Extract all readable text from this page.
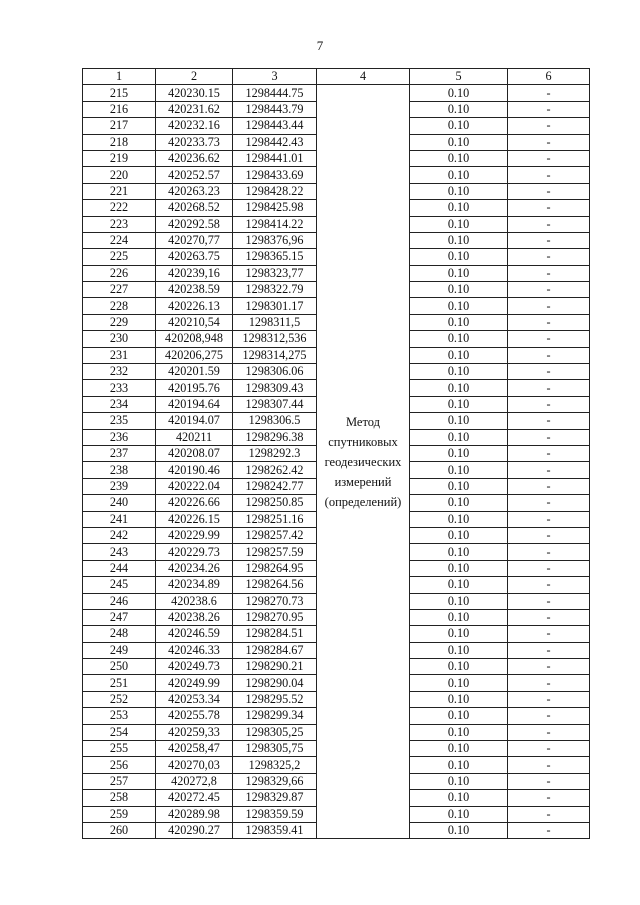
7
1	2	3	4	5	6
215	420230.15	1298444.75	Метод спутниковых геодезических измерений (определений)	0.10	-
216	420231.62	1298443.79		0.10	-
217	420232.16	1298443.44		0.10	-
218	420233.73	1298442.43		0.10	-
219	420236.62	1298441.01		0.10	-
220	420252.57	1298433.69		0.10	-
221	420263.23	1298428.22		0.10	-
222	420268.52	1298425.98		0.10	-
223	420292.58	1298414.22		0.10	-
224	420270,77	1298376,96		0.10	-
225	420263.75	1298365.15		0.10	-
226	420239,16	1298323,77		0.10	-
227	420238.59	1298322.79		0.10	-
228	420226.13	1298301.17		0.10	-
229	420210,54	1298311,5		0.10	-
230	420208,948	1298312,536		0.10	-
231	420206,275	1298314,275		0.10	-
232	420201.59	1298306.06		0.10	-
233	420195.76	1298309.43		0.10	-
234	420194.64	1298307.44		0.10	-
235	420194.07	1298306.5		0.10	-
236	420211	1298296.38		0.10	-
237	420208.07	1298292.3		0.10	-
238	420190.46	1298262.42		0.10	-
239	420222.04	1298242.77		0.10	-
240	420226.66	1298250.85		0.10	-
241	420226.15	1298251.16		0.10	-
242	420229.99	1298257.42		0.10	-
243	420229.73	1298257.59		0.10	-
244	420234.26	1298264.95		0.10	-
245	420234.89	1298264.56		0.10	-
246	420238.6	1298270.73		0.10	-
247	420238.26	1298270.95		0.10	-
248	420246.59	1298284.51		0.10	-
249	420246.33	1298284.67		0.10	-
250	420249.73	1298290.21		0.10	-
251	420249.99	1298290.04		0.10	-
252	420253.34	1298295.52		0.10	-
253	420255.78	1298299.34		0.10	-
254	420259,33	1298305,25		0.10	-
255	420258,47	1298305,75		0.10	-
256	420270,03	1298325,2		0.10	-
257	420272,8	1298329,66		0.10	-
258	420272.45	1298329.87		0.10	-
259	420289.98	1298359.59		0.10	-
260	420290.27	1298359.41		0.10	-
